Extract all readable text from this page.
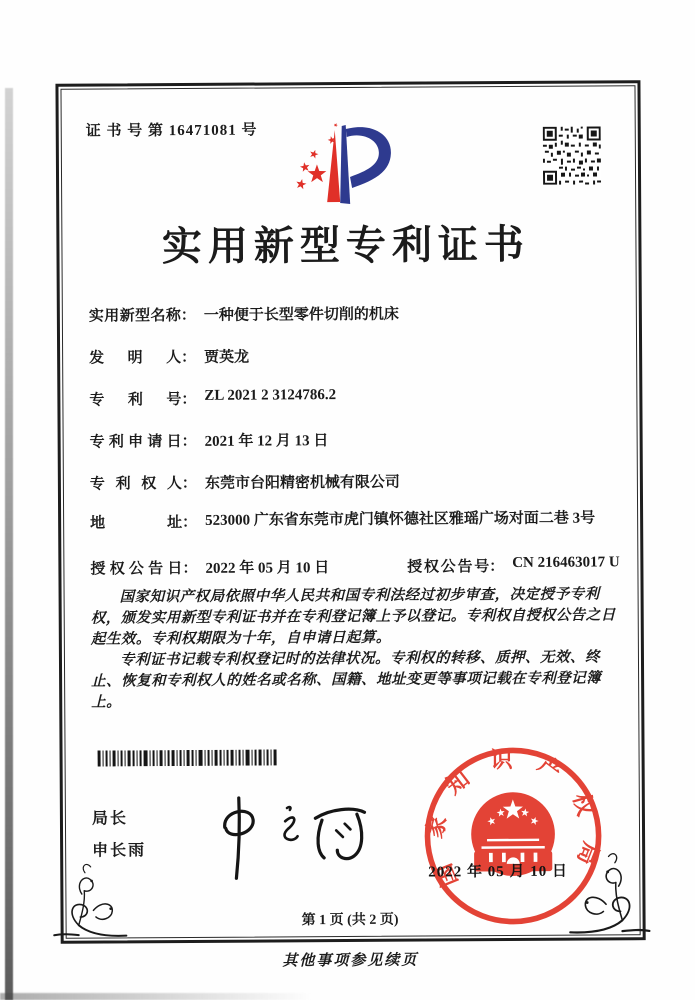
证 书 号 第 16471081 号
实用新型专利证书
实用新型名称： 一种便于长型零件切削的机床
发明人： 贾英龙
专利号： ZL 2021 2 3124786.2
专利申请日： 2021 年 12 月 13 日
专利权人： 东莞市台阳精密机械有限公司
地址： 523000 广东省东莞市虎门镇怀德社区雅瑶广场对面二巷 3号
授权公告日： 2022 年 05 月 10 日	授权公告号： CN 216463017 U

国家知识产权局依照中华人民共和国专利法经过初步审查，决定授予专利权，颁发实用新型专利证书并在专利登记簿上予以登记。专利权自授权公告之日起生效。专利权期限为十年，自申请日起算。

专利证书记载专利权登记时的法律状况。专利权的转移、质押、无效、终止、恢复和专利权人的姓名或名称、国籍、地址变更等事项记载在专利登记簿上。

局长
申长雨	国家知识产权局
2022 年 05 月 10 日
第 1 页 (共 2 页)
其他事项参见续页
